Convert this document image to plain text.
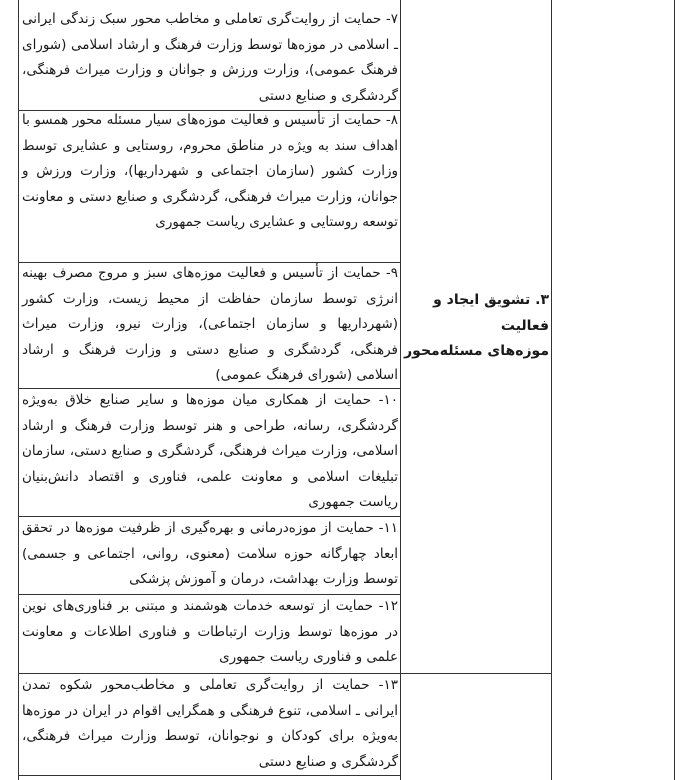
۷- حمایت از روایت‌گری تعاملی و مخاطب محور سبک زندگی ایرانی ـ اسلامی در موزه‌ها توسط وزارت فرهنگ و ارشاد اسلامی (شورای فرهنگ عمومی)، وزارت ورزش و جوانان و وزارت میراث فرهنگی، گردشگری و صنایع دستی

۸- حمایت از تأسیس و فعالیت موزه‌های سیار مسئله محور همسو با اهداف سند به ویژه در مناطق محروم، روستایی و عشایری توسط وزارت کشور (سازمان اجتماعی و شهرداریها)، وزارت ورزش و جوانان، وزارت میراث فرهنگی، گردشگری و صنایع دستی و معاونت توسعه روستایی و عشایری ریاست جمهوری

۹- حمایت از تأسیس و فعالیت موزه‌های سبز و مروج مصرف بهینه انرژی توسط سازمان حفاظت از محیط زیست، وزارت کشور (شهرداریها و سازمان اجتماعی)، وزارت نیرو، وزارت میراث فرهنگی، گردشگری و صنایع دستی و وزارت فرهنگ و ارشاد اسلامی (شورای فرهنگ عمومی)

۱۰- حمایت از همکاری میان موزه‌ها و سایر صنایع خلاق به‌ویژه گردشگری، رسانه، طراحی و هنر توسط وزارت فرهنگ و ارشاد اسلامی، وزارت میراث فرهنگی، گردشگری و صنایع دستی، سازمان تبلیغات اسلامی و معاونت علمی، فناوری و اقتصاد دانش‌بنیان ریاست جمهوری

۱۱- حمایت از موزه‌درمانی و بهره‌گیری از ظرفیت موزه‌ها در تحقق ابعاد چهارگانه حوزه سلامت (معنوی، روانی، اجتماعی و جسمی) توسط وزارت بهداشت، درمان و آموزش پزشکی

۱۲- حمایت از توسعه خدمات هوشمند و مبتنی بر فناوری‌های نوین در موزه‌ها توسط وزارت ارتباطات و فناوری اطلاعات و معاونت علمی و فناوری ریاست جمهوری

۱۳- حمایت از روایت‌گری تعاملی و مخاطب‌محور شکوه تمدن ایرانی ـ اسلامی، تنوع فرهنگی و همگرایی اقوام در ایران در موزه‌ها به‌ویژه برای کودکان و نوجوانان، توسط وزارت میراث فرهنگی، گردشگری و صنایع دستی

۳. تشویق ایجاد و
فعالیت
موزه‌های مسئله‌محور
